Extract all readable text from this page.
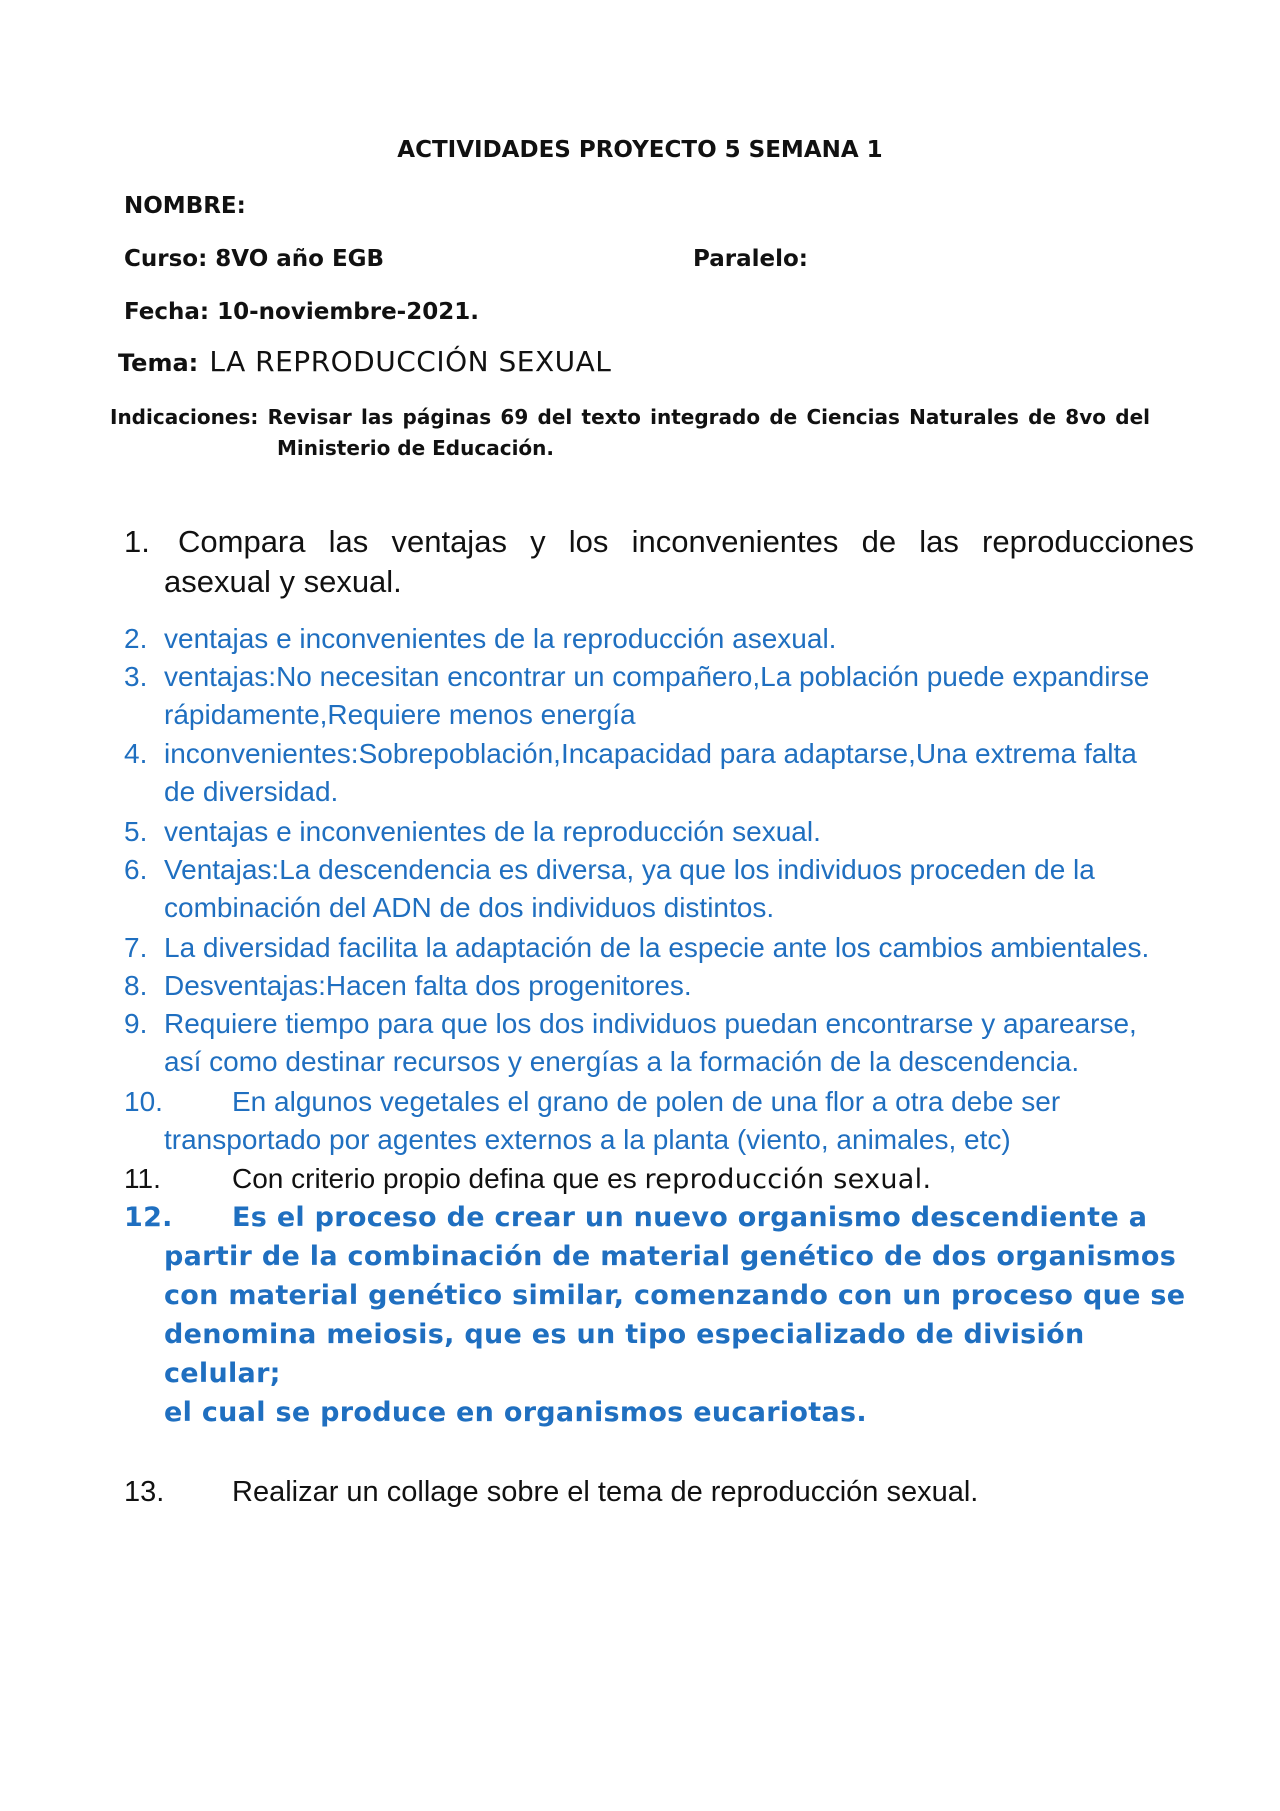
ACTIVIDADES PROYECTO 5 SEMANA 1
NOMBRE:
Curso: 8VO año EGB	Paralelo:
Fecha: 10-noviembre-2021.
Tema: LA REPRODUCCIÓN SEXUAL
Indicaciones: Revisar las páginas 69 del texto integrado de Ciencias Naturales de 8vo del
Ministerio de Educación.
1. Compara las ventajas y los inconvenientes de las reproducciones
asexual y sexual.
2. ventajas e inconvenientes de la reproducción asexual.
3. ventajas:No necesitan encontrar un compañero,La población puede expandirse
rápidamente,Requiere menos energía
4. inconvenientes:Sobrepoblación,Incapacidad para adaptarse,Una extrema falta
de diversidad.
5. ventajas e inconvenientes de la reproducción sexual.
6. Ventajas:La descendencia es diversa, ya que los individuos proceden de la
combinación del ADN de dos individuos distintos.
7. La diversidad facilita la adaptación de la especie ante los cambios ambientales.
8. Desventajas:Hacen falta dos progenitores.
9. Requiere tiempo para que los dos individuos puedan encontrarse y aparearse,
así como destinar recursos y energías a la formación de la descendencia.
10.	En algunos vegetales el grano de polen de una flor a otra debe ser
transportado por agentes externos a la planta (viento, animales, etc)
11.	Con criterio propio defina que es reproducción sexual.
12.	Es el proceso de crear un nuevo organismo descendiente a
partir de la combinación de material genético de dos organismos
con material genético similar, comenzando con un proceso que se
denomina meiosis, que es un tipo especializado de división celular;
el cual se produce en organismos eucariotas.
13.	Realizar un collage sobre el tema de reproducción sexual.
